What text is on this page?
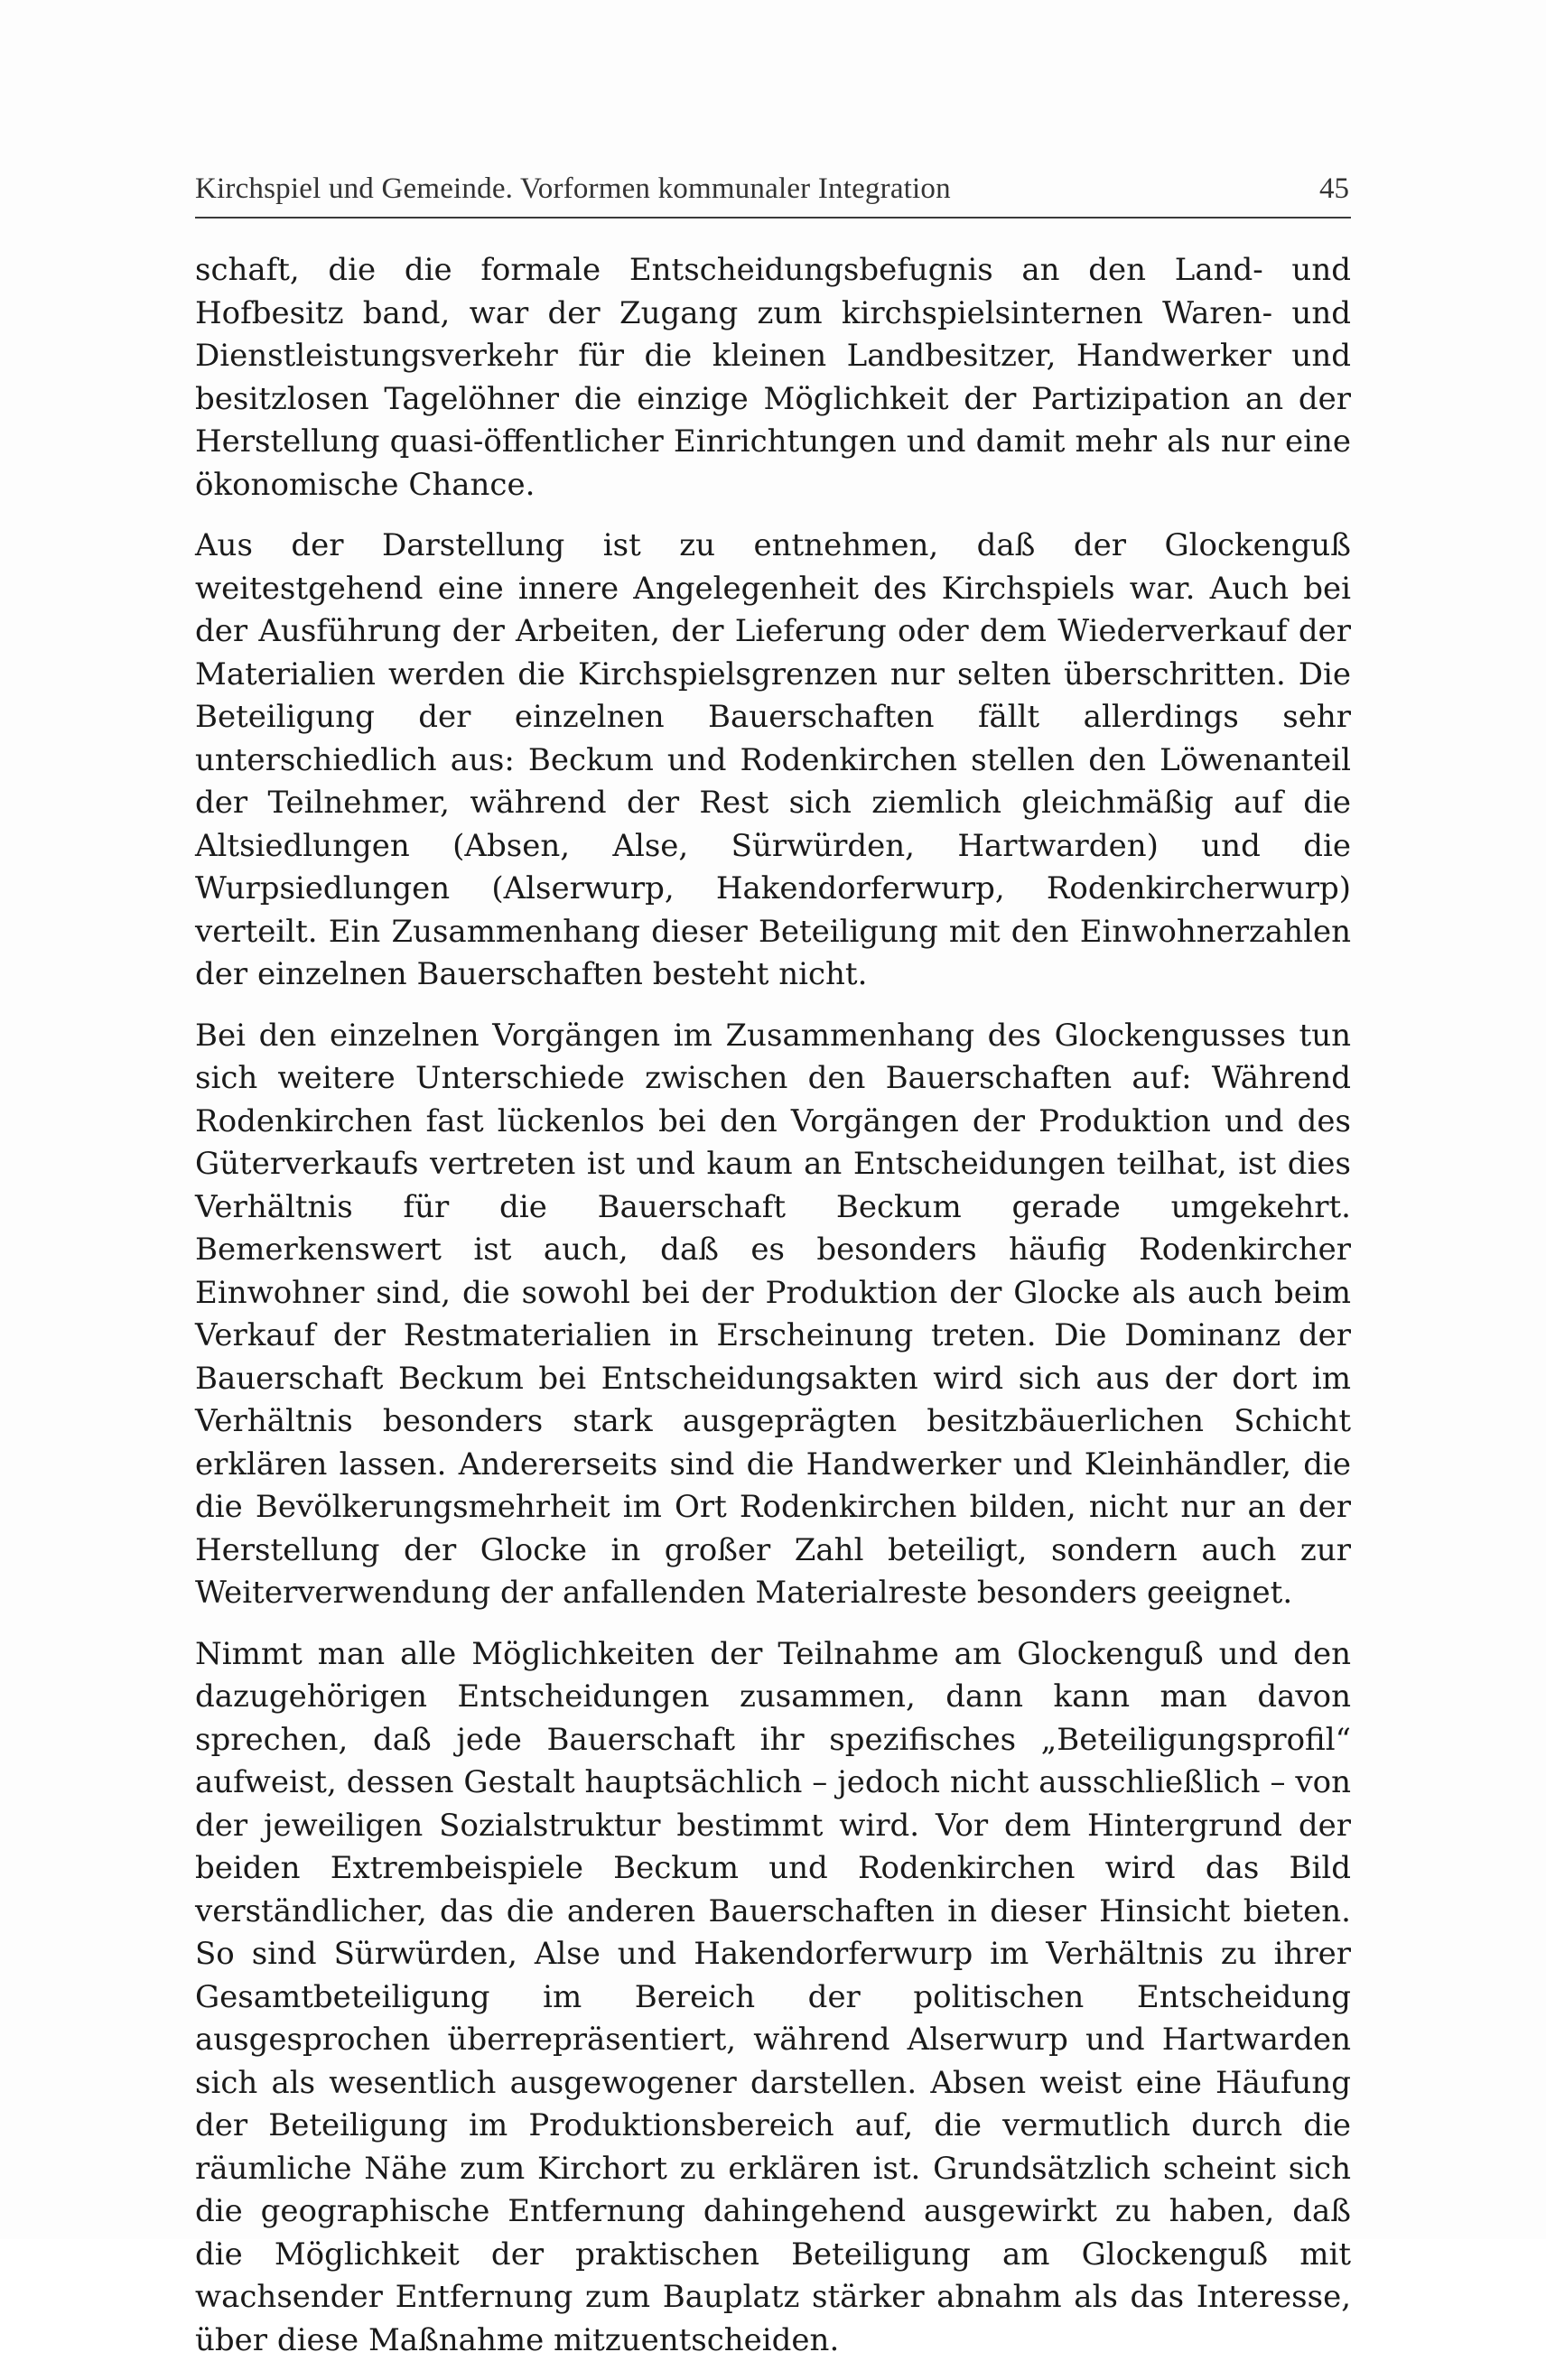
Kirchspiel und Gemeinde. Vorformen kommunaler Integration	45

schaft, die die formale Entscheidungsbefugnis an den Land- und Hofbesitz band, war der Zugang zum kirchspielsinternen Waren- und Dienstleistungsverkehr für die kleinen Landbesitzer, Handwerker und besitzlosen Tagelöhner die einzige Möglichkeit der Partizipation an der Herstellung quasi-öffentlicher Einrichtungen und damit mehr als nur eine ökonomische Chance.

Aus der Darstellung ist zu entnehmen, daß der Glockenguß weitestgehend eine innere Angelegenheit des Kirchspiels war. Auch bei der Ausführung der Arbeiten, der Lieferung oder dem Wiederverkauf der Materialien werden die Kirchspielsgrenzen nur selten überschritten. Die Beteiligung der einzelnen Bauerschaften fällt allerdings sehr unterschiedlich aus: Beckum und Rodenkirchen stellen den Löwenanteil der Teilnehmer, während der Rest sich ziemlich gleichmäßig auf die Altsiedlungen (Absen, Alse, Sürwürden, Hartwarden) und die Wurpsiedlungen (Alserwurp, Hakendorferwurp, Rodenkircherwurp) verteilt. Ein Zusammenhang dieser Beteiligung mit den Einwohnerzahlen der einzelnen Bauerschaften besteht nicht.

Bei den einzelnen Vorgängen im Zusammenhang des Glockengusses tun sich weitere Unterschiede zwischen den Bauerschaften auf: Während Rodenkirchen fast lückenlos bei den Vorgängen der Produktion und des Güterverkaufs vertreten ist und kaum an Entscheidungen teilhat, ist dies Verhältnis für die Bauerschaft Beckum gerade umgekehrt. Bemerkenswert ist auch, daß es besonders häufig Rodenkircher Einwohner sind, die sowohl bei der Produktion der Glocke als auch beim Verkauf der Restmaterialien in Erscheinung treten. Die Dominanz der Bauerschaft Beckum bei Entscheidungsakten wird sich aus der dort im Verhältnis besonders stark ausgeprägten besitzbäuerlichen Schicht erklären lassen. Andererseits sind die Handwerker und Kleinhändler, die die Bevölkerungsmehrheit im Ort Rodenkirchen bilden, nicht nur an der Herstellung der Glocke in großer Zahl beteiligt, sondern auch zur Weiterverwendung der anfallenden Materialreste besonders geeignet.

Nimmt man alle Möglichkeiten der Teilnahme am Glockenguß und den dazugehörigen Entscheidungen zusammen, dann kann man davon sprechen, daß jede Bauerschaft ihr spezifisches „Beteiligungsprofil“ aufweist, dessen Gestalt hauptsächlich – jedoch nicht ausschließlich – von der jeweiligen Sozialstruktur bestimmt wird. Vor dem Hintergrund der beiden Extrembeispiele Beckum und Rodenkirchen wird das Bild verständlicher, das die anderen Bauerschaften in dieser Hinsicht bieten. So sind Sürwürden, Alse und Hakendorferwurp im Verhältnis zu ihrer Gesamtbeteiligung im Bereich der politischen Entscheidung ausgesprochen überrepräsentiert, während Alserwurp und Hartwarden sich als wesentlich ausgewogener darstellen. Absen weist eine Häufung der Beteiligung im Produktionsbereich auf, die vermutlich durch die räumliche Nähe zum Kirchort zu erklären ist. Grundsätzlich scheint sich die geographische Entfernung dahingehend ausgewirkt zu haben, daß die Möglichkeit der praktischen Beteiligung am Glockenguß mit wachsender Entfernung zum Bauplatz stärker abnahm als das Interesse, über diese Maßnahme mitzuentscheiden.
